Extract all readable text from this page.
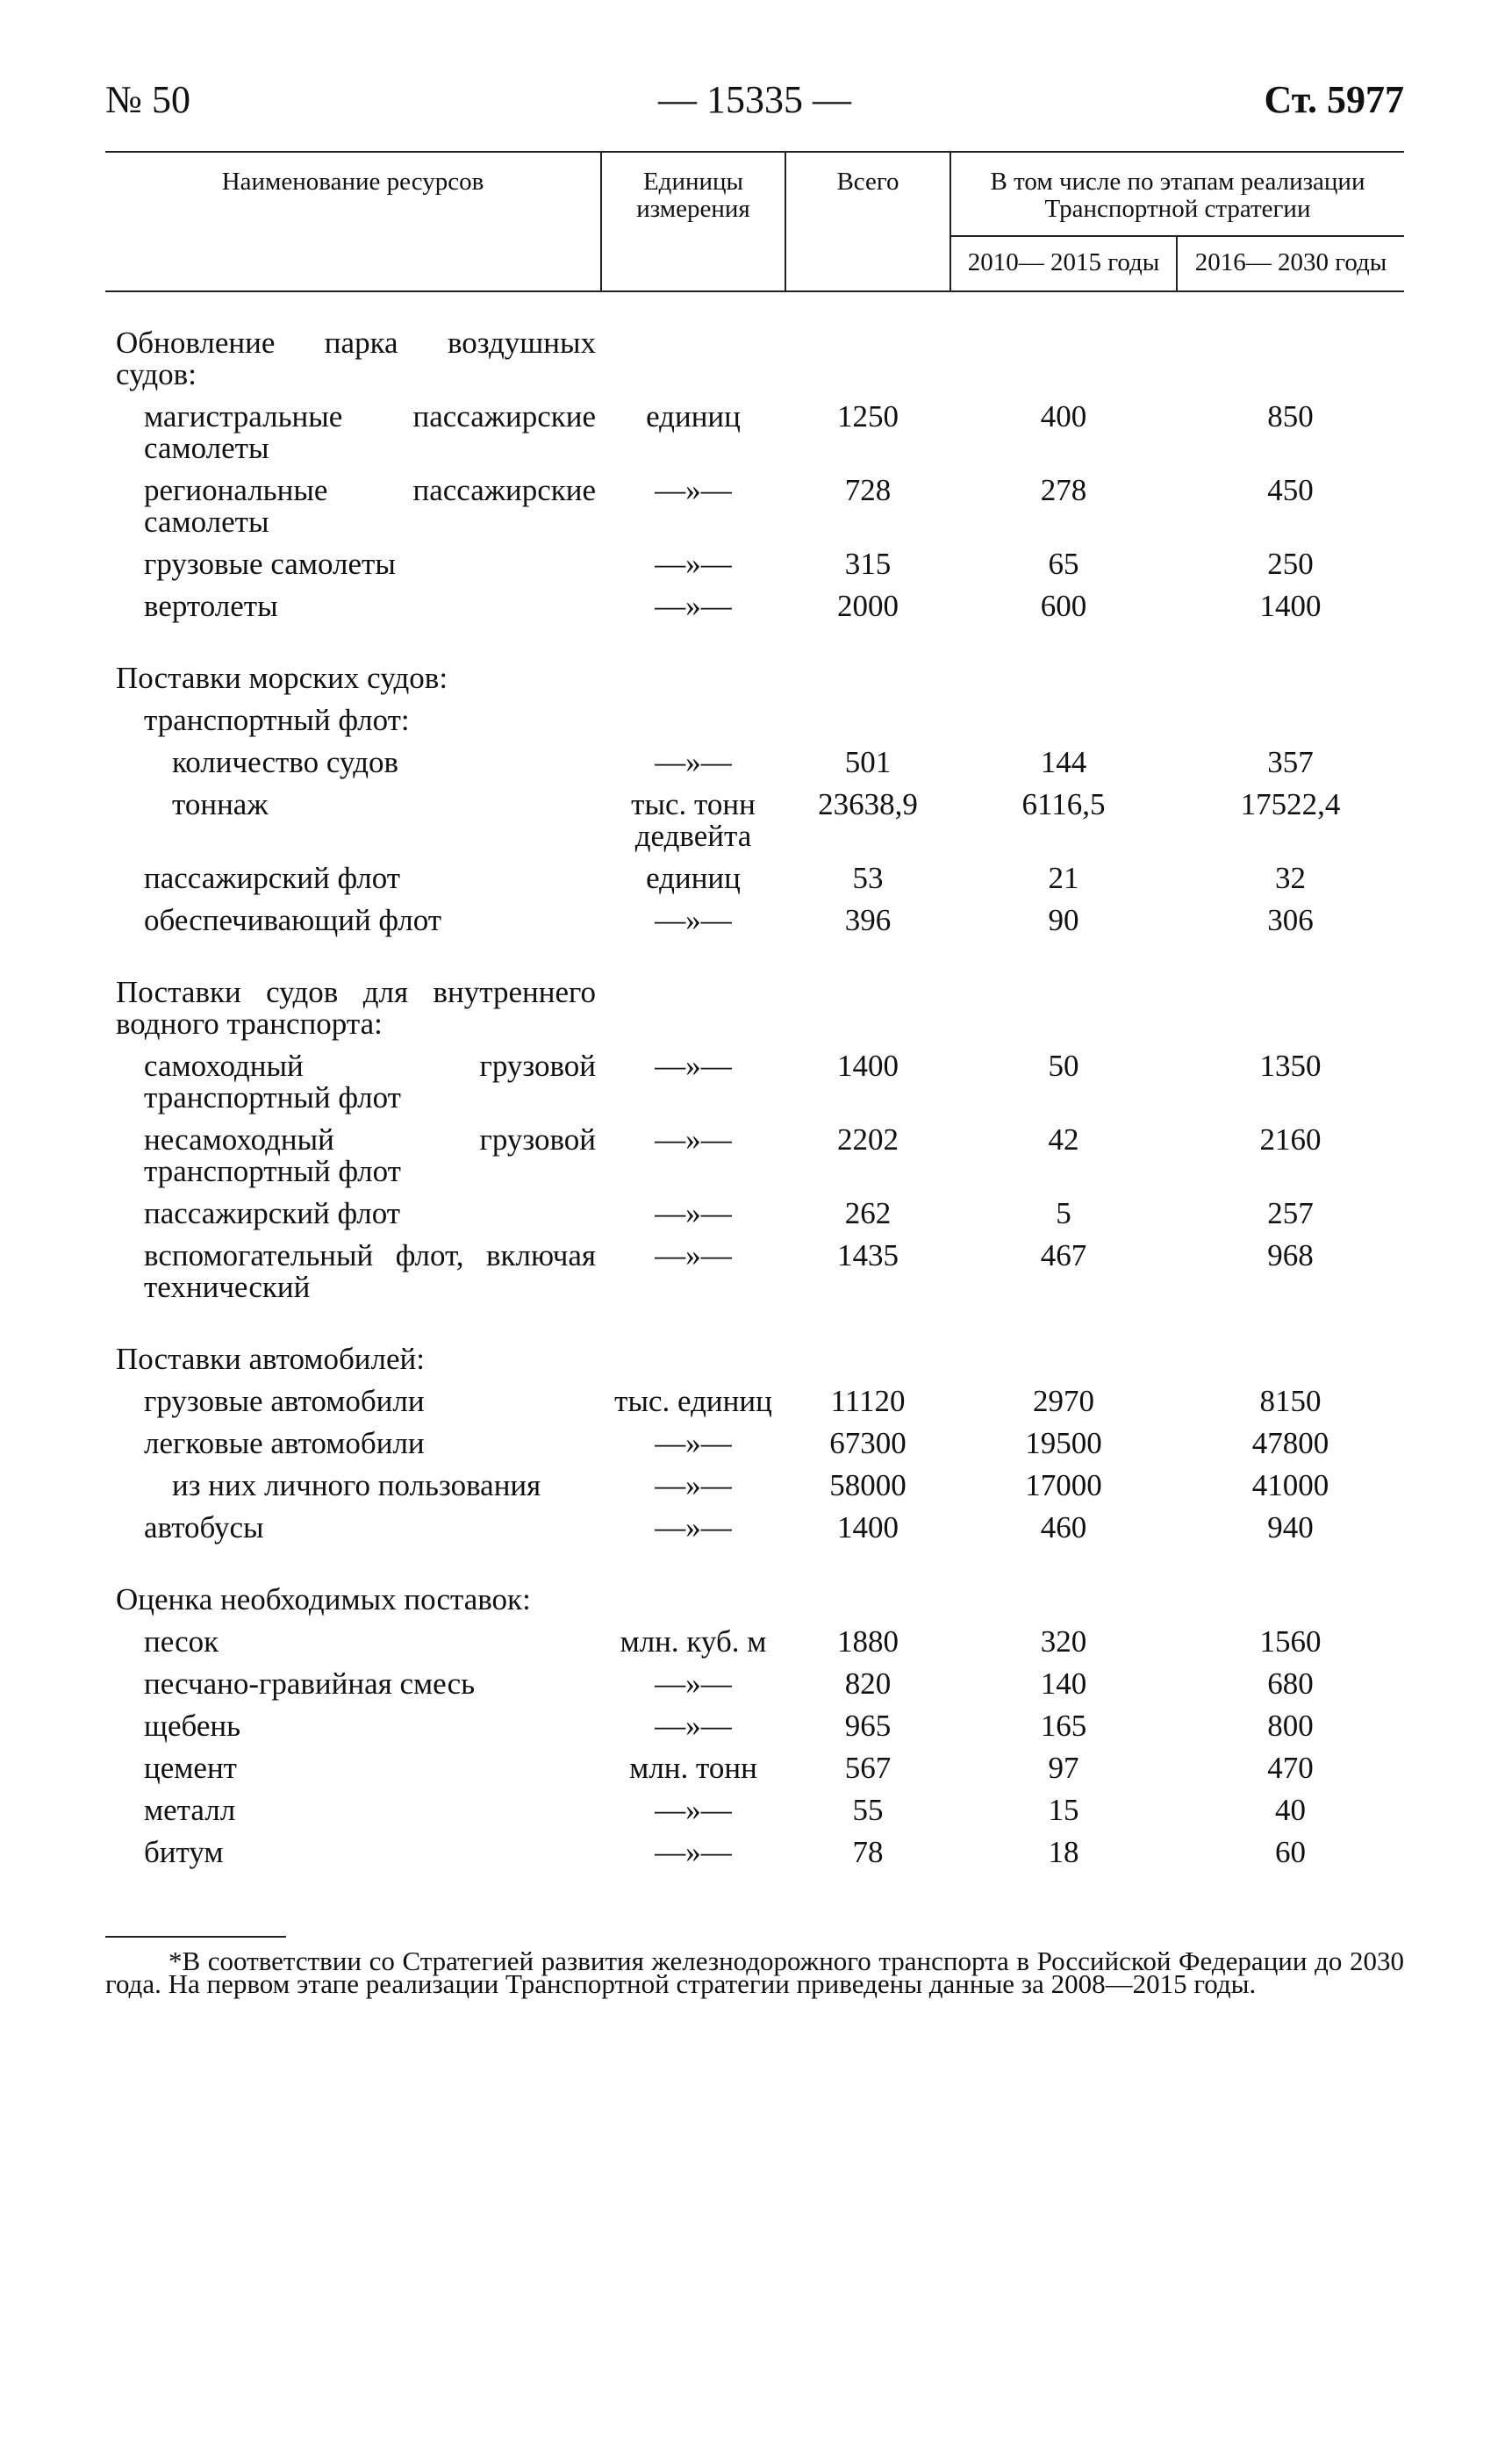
№ 50	— 15335 —	Ст. 5977
Наименование ресурсов	Единицы измерения	Всего	В том числе по этапам реализации Транспортной стратегии	
			2010— 2015 годы	2016— 2030 годы

Обновление парка воздушных судов:				
магистральные пассажирские самолеты	единиц	1250	400	850
региональные пассажирские самолеты	—»—	728	278	450
грузовые самолеты	—»—	315	65	250
вертолеты	—»—	2000	600	1400

Поставки морских судов:				
транспортный флот:				
количество судов	—»—	501	144	357
тоннаж	тыс. тонн дедвейта	23638,9	6116,5	17522,4
пассажирский флот	единиц	53	21	32
обеспечивающий флот	—»—	396	90	306

Поставки судов для внутреннего водного транспорта:				
самоходный грузовой транспортный флот	—»—	1400	50	1350
несамоходный грузовой транспортный флот	—»—	2202	42	2160
пассажирский флот	—»—	262	5	257
вспомогательный флот, включая технический	—»—	1435	467	968

Поставки автомобилей:				
грузовые автомобили	тыс. единиц	11120	2970	8150
легковые автомобили	—»—	67300	19500	47800
из них личного пользования	—»—	58000	17000	41000
автобусы	—»—	1400	460	940

Оценка необходимых поставок:				
песок	млн. куб. м	1880	320	1560
песчано-гравийная смесь	—»—	820	140	680
щебень	—»—	965	165	800
цемент	млн. тонн	567	97	470
металл	—»—	55	15	40
битум	—»—	78	18	60
*В соответствии со Стратегией развития железнодорожного транспорта в Российской Федерации до 2030 года. На первом этапе реализации Транспортной стратегии приведены данные за 2008—2015 годы.
